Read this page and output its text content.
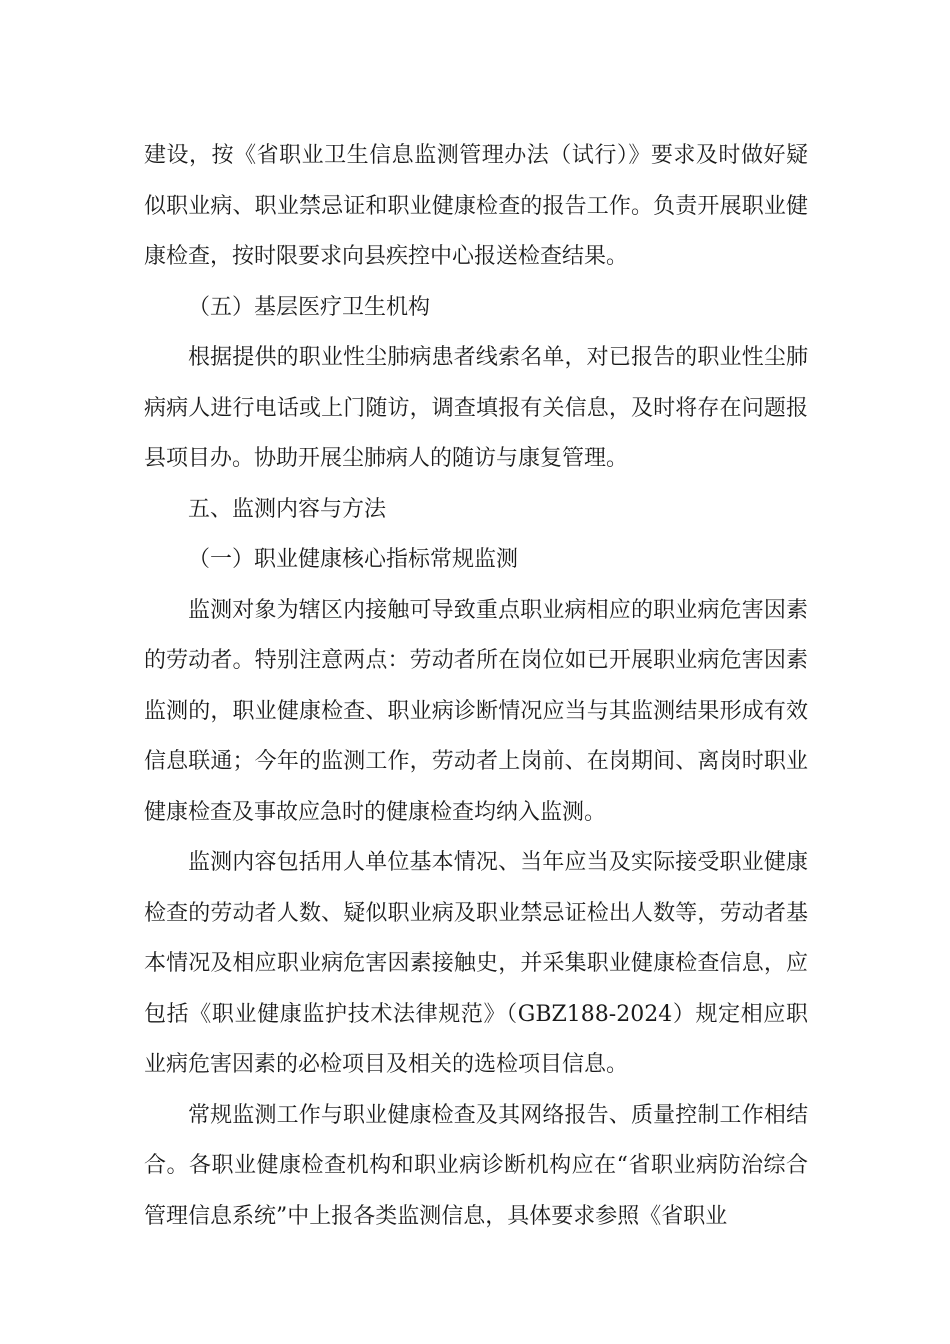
建设，按《省职业卫生信息监测管理办法（试行）》要求及时做好疑似职业病、职业禁忌证和职业健康检查的报告工作。负责开展职业健康检查，按时限要求向县疾控中心报送检查结果。

（五）基层医疗卫生机构

根据提供的职业性尘肺病患者线索名单，对已报告的职业性尘肺病病人进行电话或上门随访，调查填报有关信息，及时将存在问题报县项目办。协助开展尘肺病人的随访与康复管理。

五、监测内容与方法

（一）职业健康核心指标常规监测

监测对象为辖区内接触可导致重点职业病相应的职业病危害因素的劳动者。特别注意两点：劳动者所在岗位如已开展职业病危害因素监测的，职业健康检查、职业病诊断情况应当与其监测结果形成有效信息联通；今年的监测工作，劳动者上岗前、在岗期间、离岗时职业健康检查及事故应急时的健康检查均纳入监测。

监测内容包括用人单位基本情况、当年应当及实际接受职业健康检查的劳动者人数、疑似职业病及职业禁忌证检出人数等，劳动者基本情况及相应职业病危害因素接触史，并采集职业健康检查信息，应包括《职业健康监护技术法律规范》（GBZ188-2024）规定相应职业病危害因素的必检项目及相关的选检项目信息。

常规监测工作与职业健康检查及其网络报告、质量控制工作相结合。各职业健康检查机构和职业病诊断机构应在“省职业病防治综合管理信息系统”中上报各类监测信息，具体要求参照《省职业
